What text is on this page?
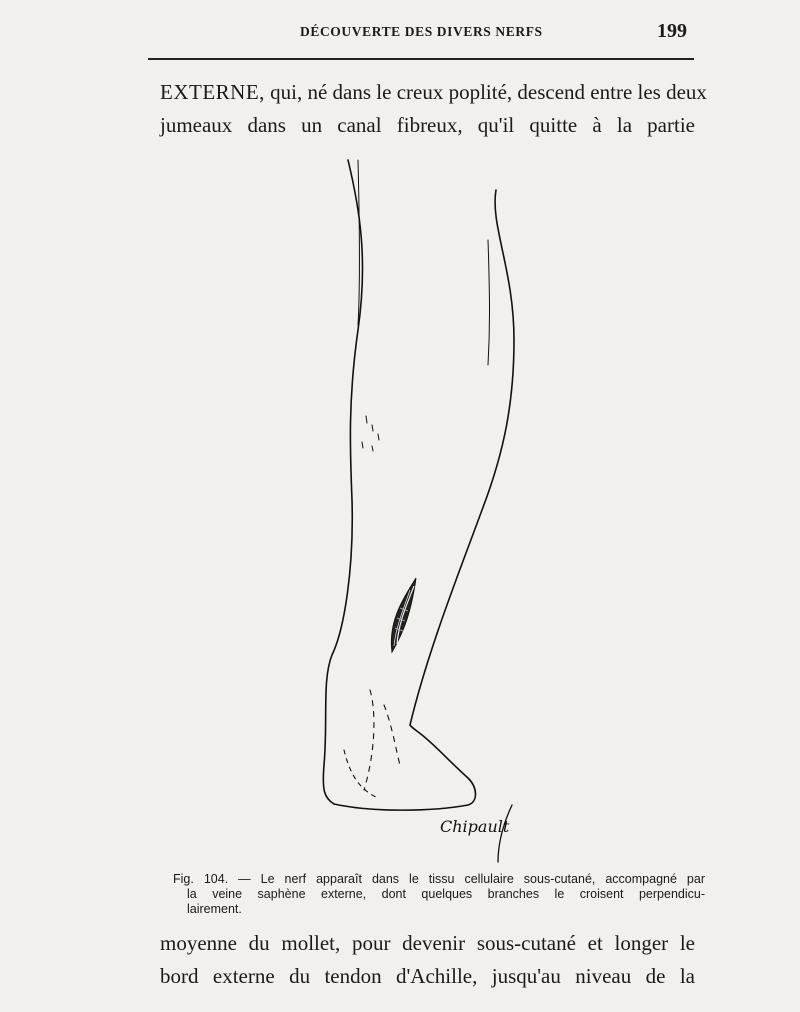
DÉCOUVERTE DES DIVERS NERFS	199
EXTERNE, qui, né dans le creux poplité, descend entre les deux
jumeaux dans un canal fibreux, qu'il quitte à la partie
Chipault
Fig. 104. — Le nerf apparaît dans le tissu cellulaire sous-cutané, accompagné par
la veine saphène externe, dont quelques branches le croisent perpendicu-
lairement.
moyenne du mollet, pour devenir sous-cutané et longer le
bord externe du tendon d'Achille, jusqu'au niveau de la
